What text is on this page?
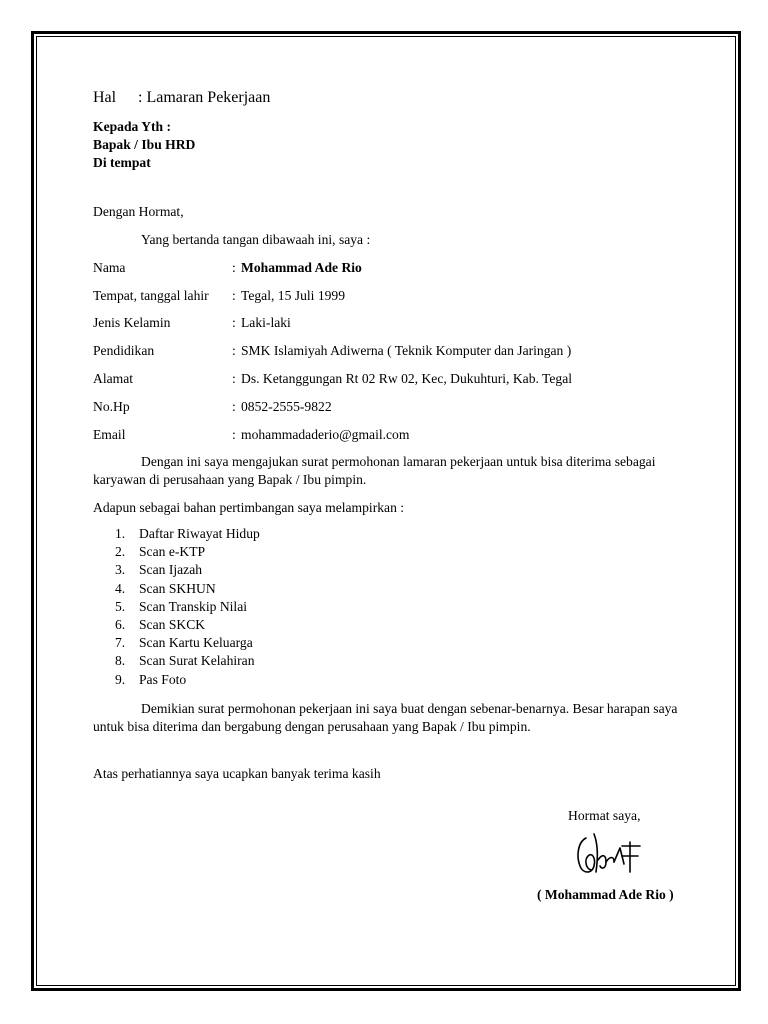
Hal : Lamaran Pekerjaan
Kepada Yth :
Bapak / Ibu HRD
Di tempat
Dengan Hormat,
Yang bertanda tangan dibawaah ini, saya :
Nama	: Mohammad Ade Rio
Tempat, tanggal lahir : Tegal, 15 Juli 1999
Jenis Kelamin	: Laki-laki
Pendidikan	: SMK Islamiyah Adiwerna ( Teknik Komputer dan Jaringan )
Alamat	: Ds. Ketanggungan Rt 02 Rw 02, Kec, Dukuhturi, Kab. Tegal
No.Hp	: 0852-2555-9822
Email	: mohammadaderio@gmail.com
Dengan ini saya mengajukan surat permohonan lamaran pekerjaan untuk bisa diterima sebagai karyawan di perusahaan yang Bapak / Ibu pimpin.
Adapun sebagai bahan pertimbangan saya melampirkan :
1. Daftar Riwayat Hidup
2. Scan e-KTP
3. Scan Ijazah
4. Scan SKHUN
5. Scan Transkip Nilai
6. Scan SKCK
7. Scan Kartu Keluarga
8. Scan Surat Kelahiran
9. Pas Foto
Demikian surat permohonan pekerjaan ini saya buat dengan sebenar-benarnya. Besar harapan saya untuk bisa diterima dan bergabung dengan perusahaan yang Bapak / Ibu pimpin.
Atas perhatiannya saya ucapkan banyak terima kasih
Hormat saya,
( Mohammad Ade Rio )
